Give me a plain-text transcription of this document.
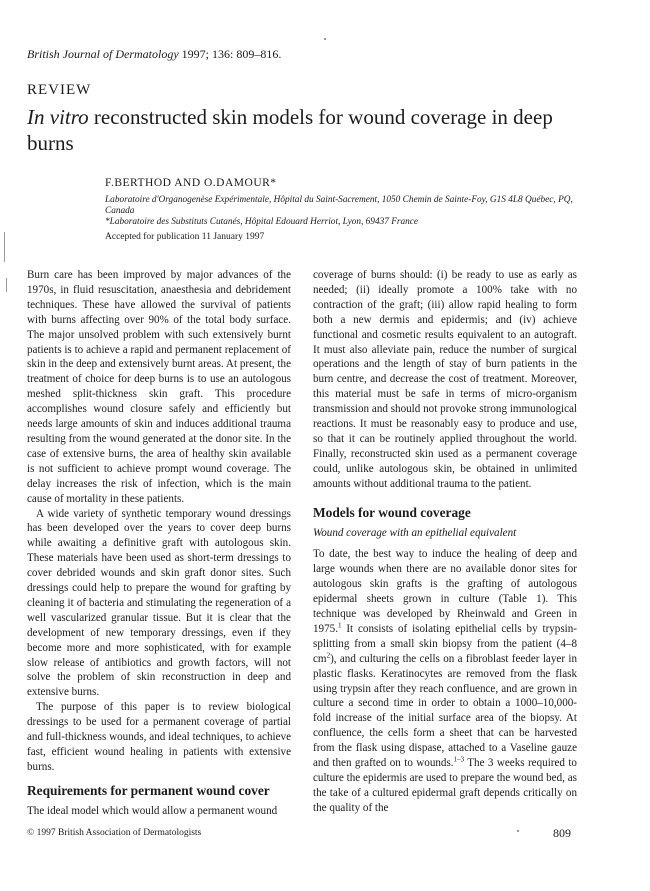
British Journal of Dermatology 1997; 136: 809–816.
REVIEW
In vitro reconstructed skin models for wound coverage in deep burns
F.BERTHOD AND O.DAMOUR*

Laboratoire d'Organogenèse Expérimentale, Hôpital du Saint-Sacrement, 1050 Chemin de Sainte-Foy, G1S 4L8 Québec, PQ, Canada

*Laboratoire des Substituts Cutanés, Hôpital Edouard Herriot, Lyon, 69437 France

Accepted for publication 11 January 1997

Burn care has been improved by major advances of the 1970s, in fluid resuscitation, anaesthesia and debridement techniques. These have allowed the survival of patients with burns affecting over 90% of the total body surface. The major unsolved problem with such extensively burnt patients is to achieve a rapid and permanent replacement of skin in the deep and extensively burnt areas. At present, the treatment of choice for deep burns is to use an autologous meshed split-thickness skin graft. This procedure accomplishes wound closure safely and efficiently but needs large amounts of skin and induces additional trauma resulting from the wound generated at the donor site. In the case of extensive burns, the area of healthy skin available is not sufficient to achieve prompt wound coverage. The delay increases the risk of infection, which is the main cause of mortality in these patients.

A wide variety of synthetic temporary wound dressings has been developed over the years to cover deep burns while awaiting a definitive graft with autologous skin. These materials have been used as short-term dressings to cover debrided wounds and skin graft donor sites. Such dressings could help to prepare the wound for grafting by cleaning it of bacteria and stimulating the regeneration of a well vascularized granular tissue. But it is clear that the development of new temporary dressings, even if they become more and more sophisticated, with for example slow release of antibiotics and growth factors, will not solve the problem of skin reconstruction in deep and extensive burns.

The purpose of this paper is to review biological dressings to be used for a permanent coverage of partial and full-thickness wounds, and ideal techniques, to achieve fast, efficient wound healing in patients with extensive burns.

Requirements for permanent wound cover

The ideal model which would allow a permanent wound

coverage of burns should: (i) be ready to use as early as needed; (ii) ideally promote a 100% take with no contraction of the graft; (iii) allow rapid healing to form both a new dermis and epidermis; and (iv) achieve functional and cosmetic results equivalent to an autograft. It must also alleviate pain, reduce the number of surgical operations and the length of stay of burn patients in the burn centre, and decrease the cost of treatment. Moreover, this material must be safe in terms of micro-organism transmission and should not provoke strong immunological reactions. It must be reasonably easy to produce and use, so that it can be routinely applied throughout the world. Finally, reconstructed skin used as a permanent coverage could, unlike autologous skin, be obtained in unlimited amounts without additional trauma to the patient.

Models for wound coverage
Wound coverage with an epithelial equivalent

To date, the best way to induce the healing of deep and large wounds when there are no available donor sites for autologous skin grafts is the grafting of autologous epidermal sheets grown in culture (Table 1). This technique was developed by Rheinwald and Green in 1975.$^1$ It consists of isolating epithelial cells by trypsin-splitting from a small skin biopsy from the patient (4–8 $cm^2$), and culturing the cells on a fibroblast feeder layer in plastic flasks. Keratinocytes are removed from the flask using trypsin after they reach confluence, and are grown in culture a second time in order to obtain a 1000–10,000-fold increase of the initial surface area of the biopsy. At confluence, the cells form a sheet that can be harvested from the flask using dispase, attached to a Vaseline gauze and then grafted on to wounds.$^{1-3}$ The 3 weeks required to culture the epidermis are used to prepare the wound bed, as the take of a cultured epidermal graft depends critically on the quality of the

© 1997 British Association of Dermatologists	809
